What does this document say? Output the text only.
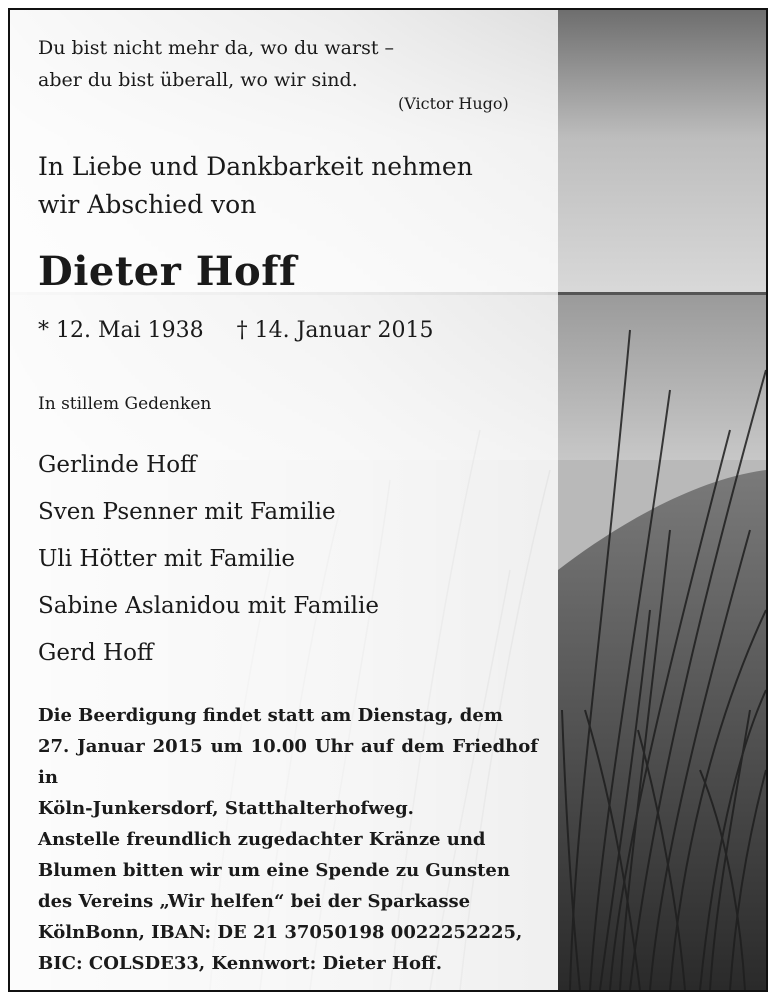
Du bist nicht mehr da, wo du warst –
aber du bist überall, wo wir sind.
(Victor Hugo)
In Liebe und Dankbarkeit nehmen
wir Abschied von
Dieter Hoff
* 12. Mai 1938 † 14. Januar 2015
In stillem Gedenken
Gerlinde Hoff
Sven Psenner mit Familie
Uli Hötter mit Familie
Sabine Aslanidou mit Familie
Gerd Hoff
Die Beerdigung findet statt am Dienstag, dem
27. Januar 2015 um 10.00 Uhr auf dem Friedhof in
Köln-Junkersdorf, Statthalterhofweg.
Anstelle freundlich zugedachter Kränze und
Blumen bitten wir um eine Spende zu Gunsten
des Vereins „Wir helfen“ bei der Sparkasse
KölnBonn, IBAN: DE 21 37050198 0022252225,
BIC: COLSDE33, Kennwort: Dieter Hoff.
